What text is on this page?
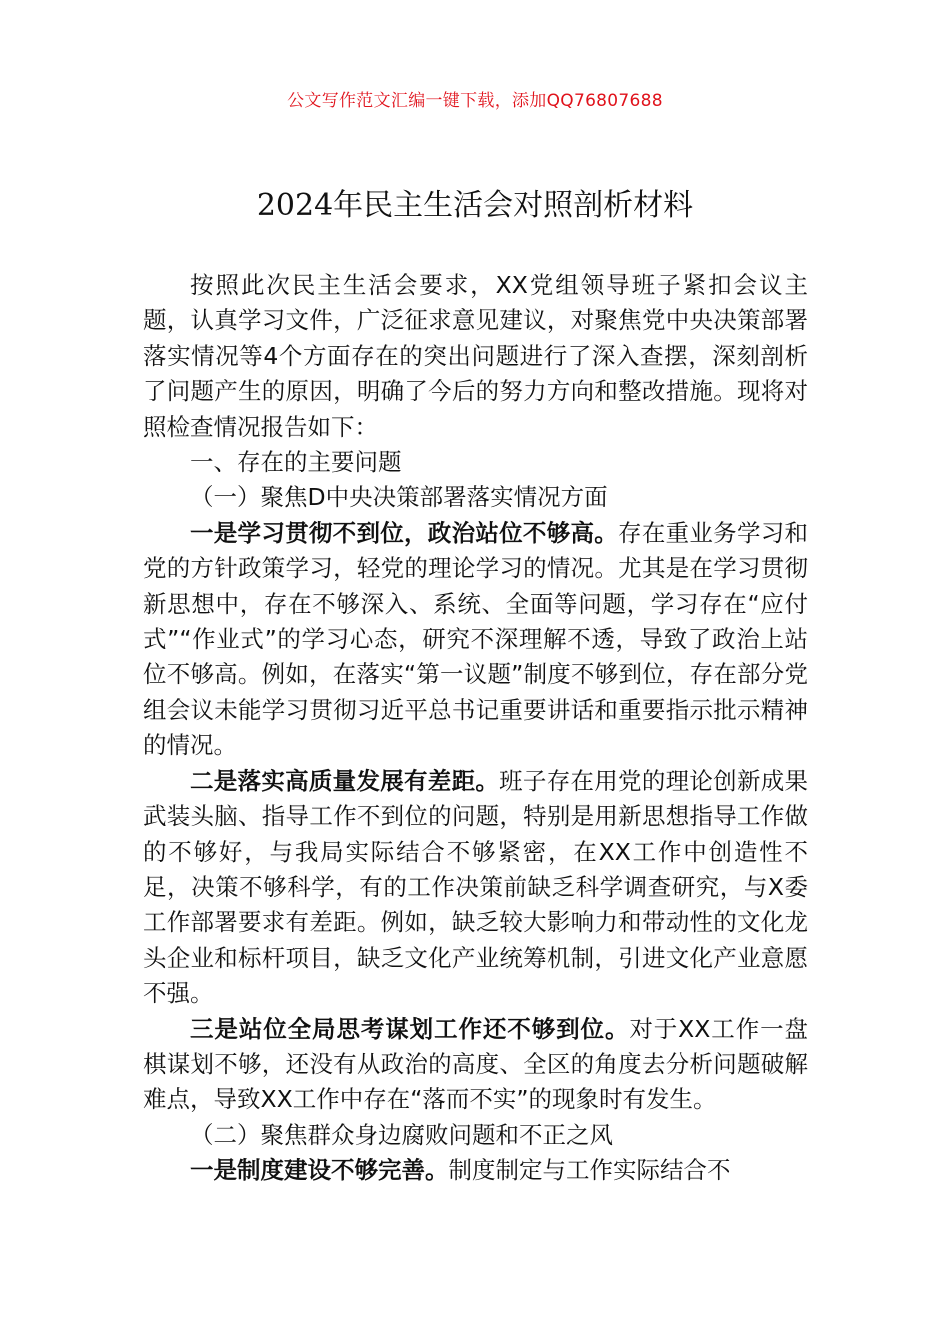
公文写作范文汇编一键下载，添加QQ76807688
2024年民主生活会对照剖析材料

按照此次民主生活会要求，XX党组领导班子紧扣会议主题，认真学习文件，广泛征求意见建议，对聚焦党中央决策部署落实情况等4个方面存在的突出问题进行了深入查摆，深刻剖析了问题产生的原因，明确了今后的努力方向和整改措施。现将对照检查情况报告如下：

一、存在的主要问题

（一）聚焦D中央决策部署落实情况方面

一是学习贯彻不到位，政治站位不够高。存在重业务学习和党的方针政策学习，轻党的理论学习的情况。尤其是在学习贯彻新思想中，存在不够深入、系统、全面等问题，学习存在“应付式”“作业式”的学习心态，研究不深理解不透，导致了政治上站位不够高。例如，在落实“第一议题”制度不够到位，存在部分党组会议未能学习贯彻习近平总书记重要讲话和重要指示批示精神的情况。

二是落实高质量发展有差距。班子存在用党的理论创新成果武装头脑、指导工作不到位的问题，特别是用新思想指导工作做的不够好，与我局实际结合不够紧密，在XX工作中创造性不足，决策不够科学，有的工作决策前缺乏科学调查研究，与X委工作部署要求有差距。例如，缺乏较大影响力和带动性的文化龙头企业和标杆项目，缺乏文化产业统筹机制，引进文化产业意愿不强。

三是站位全局思考谋划工作还不够到位。对于XX工作一盘棋谋划不够，还没有从政治的高度、全区的角度去分析问题破解难点，导致XX工作中存在“落而不实”的现象时有发生。

（二）聚焦群众身边腐败问题和不正之风

一是制度建设不够完善。制度制定与工作实际结合不
